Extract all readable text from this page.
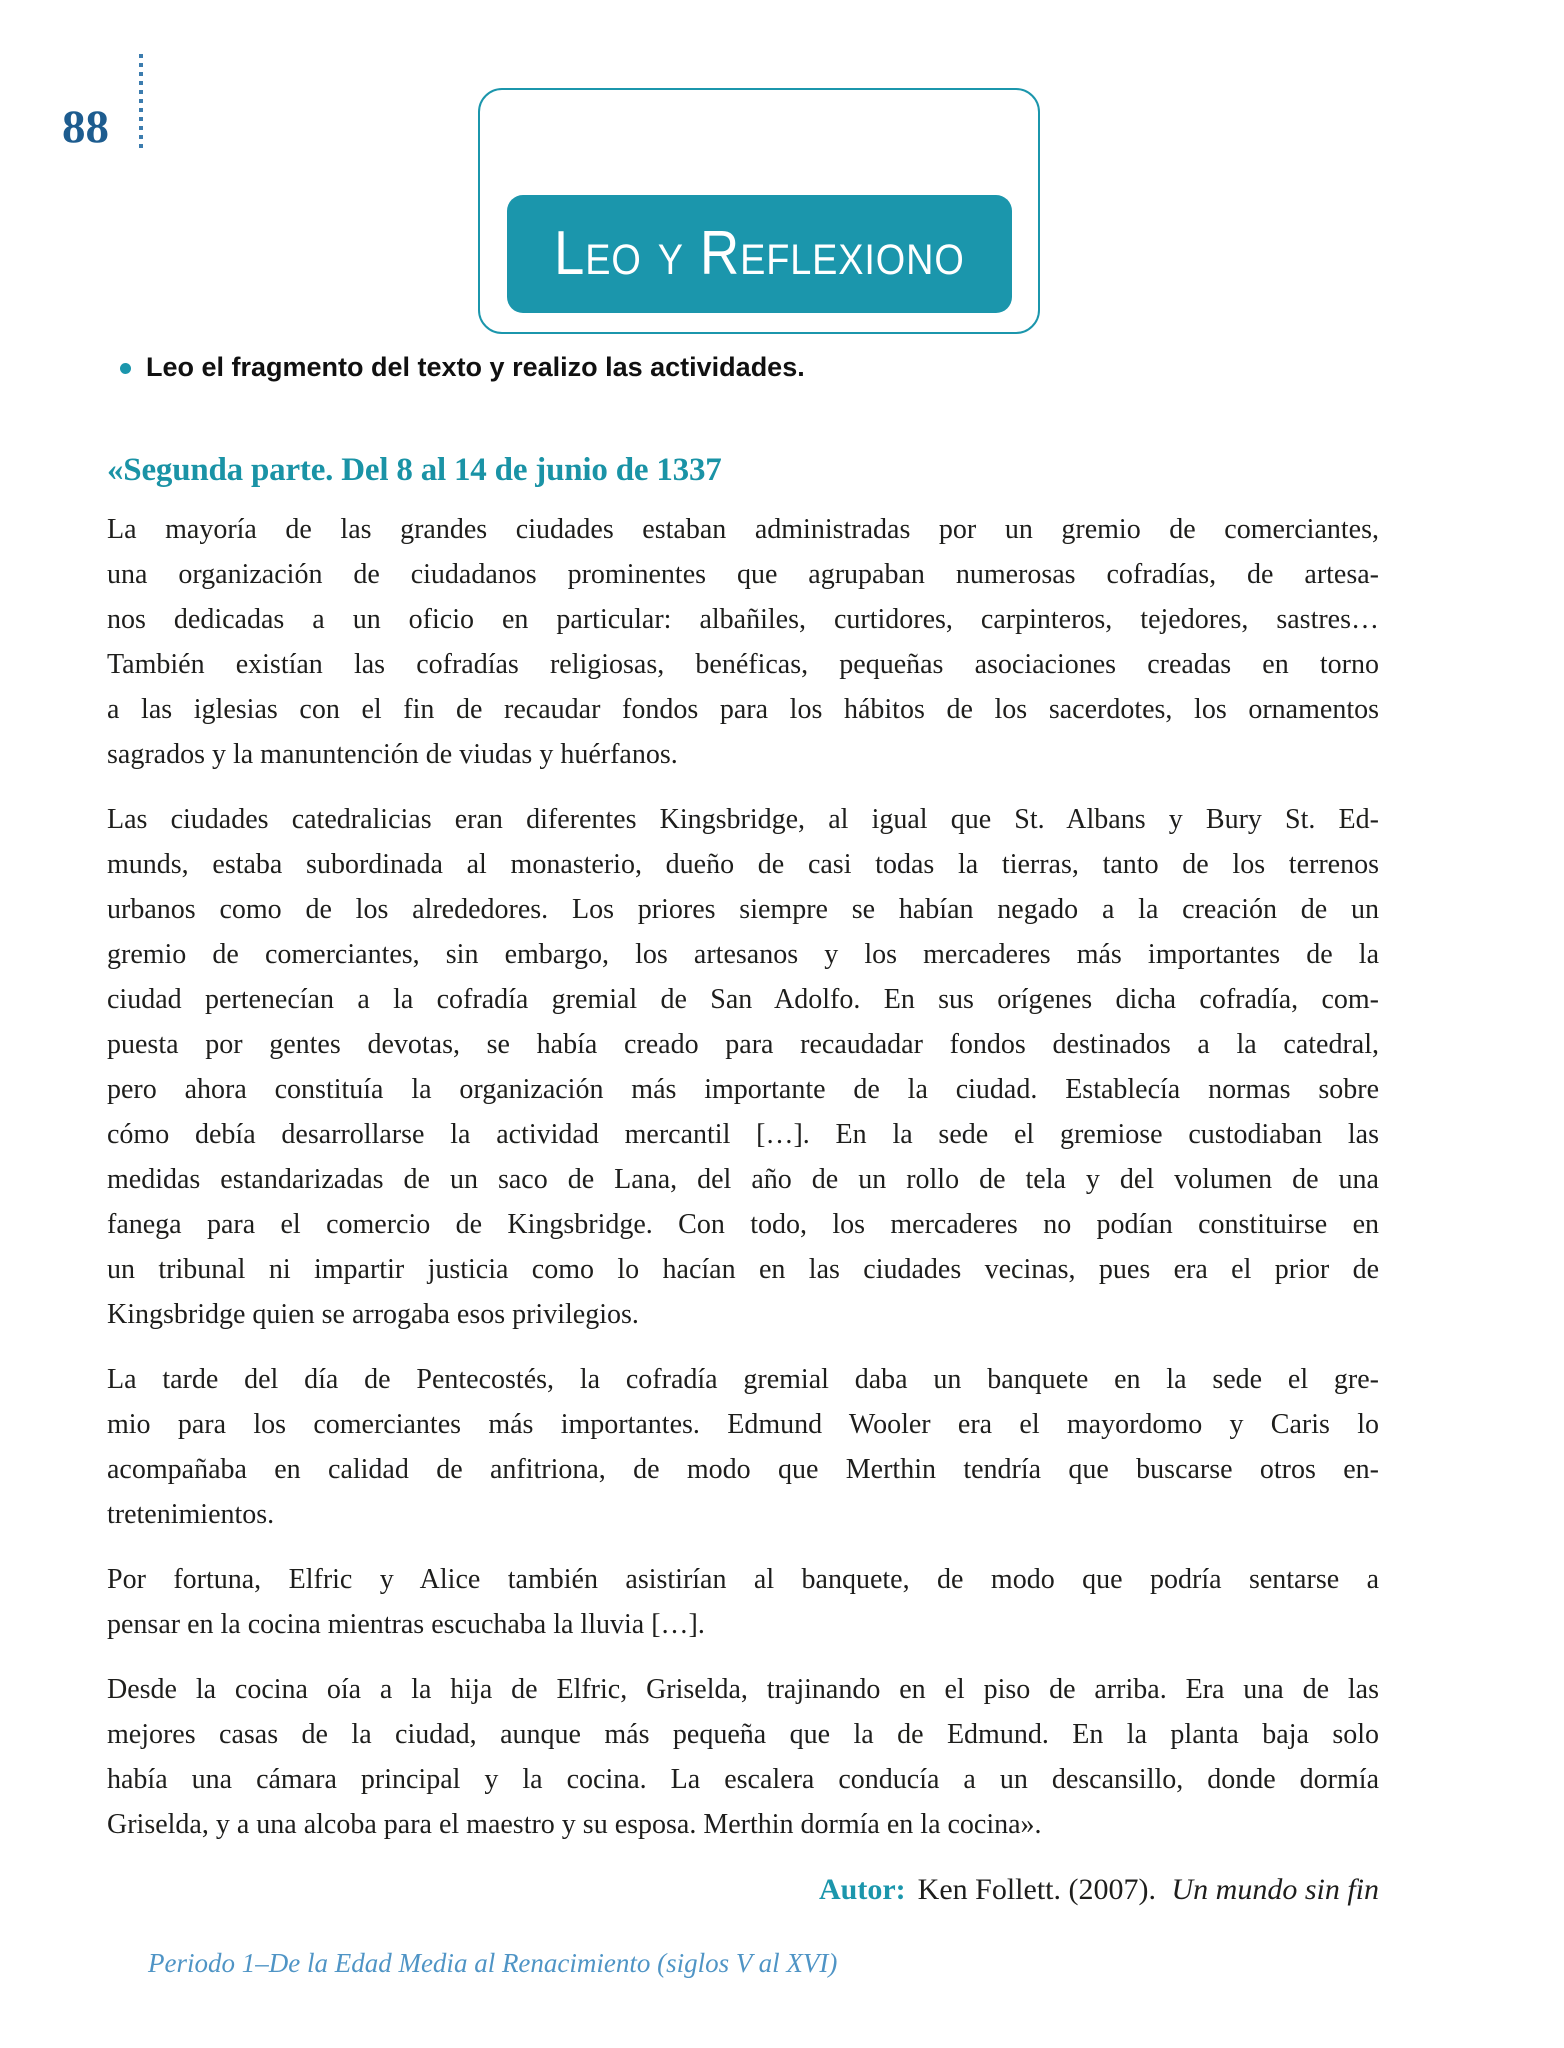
88
Leo y Reflexiono
Leo el fragmento del texto y realizo las actividades.
«Segunda parte. Del 8 al 14 de junio de 1337
La mayoría de las grandes ciudades estaban administradas por un gremio de comerciantes,
una organización de ciudadanos prominentes que agrupaban numerosas cofradías, de artesa-
nos dedicadas a un oficio en particular: albañiles, curtidores, carpinteros, tejedores, sastres…
También existían las cofradías religiosas, benéficas, pequeñas asociaciones creadas en torno
a las iglesias con el fin de recaudar fondos para los hábitos de los sacerdotes, los ornamentos
sagrados y la manuntención de viudas y huérfanos.
Las ciudades catedralicias eran diferentes Kingsbridge, al igual que St. Albans y Bury St. Ed-
munds, estaba subordinada al monasterio, dueño de casi todas la tierras, tanto de los terrenos
urbanos como de los alrededores. Los priores siempre se habían negado a la creación de un
gremio de comerciantes, sin embargo, los artesanos y los mercaderes más importantes de la
ciudad pertenecían a la cofradía gremial de San Adolfo. En sus orígenes dicha cofradía, com-
puesta por gentes devotas, se había creado para recaudadar fondos destinados a la catedral,
pero ahora constituía la organización más importante de la ciudad. Establecía normas sobre
cómo debía desarrollarse la actividad mercantil […]. En la sede el gremiose custodiaban las
medidas estandarizadas de un saco de Lana, del año de un rollo de tela y del volumen de una
fanega para el comercio de Kingsbridge. Con todo, los mercaderes no podían constituirse en
un tribunal ni impartir justicia como lo hacían en las ciudades vecinas, pues era el prior de
Kingsbridge quien se arrogaba esos privilegios.
La tarde del día de Pentecostés, la cofradía gremial daba un banquete en la sede el gre-
mio para los comerciantes más importantes. Edmund Wooler era el mayordomo y Caris lo
acompañaba en calidad de anfitriona, de modo que Merthin tendría que buscarse otros en-
tretenimientos.
Por fortuna, Elfric y Alice también asistirían al banquete, de modo que podría sentarse a
pensar en la cocina mientras escuchaba la lluvia […].
Desde la cocina oía a la hija de Elfric, Griselda, trajinando en el piso de arriba. Era una de las
mejores casas de la ciudad, aunque más pequeña que la de Edmund. En la planta baja solo
había una cámara principal y la cocina. La escalera conducía a un descansillo, donde dormía
Griselda, y a una alcoba para el maestro y su esposa. Merthin dormía en la cocina».
Autor: Ken Follett. (2007). Un mundo sin fin
Periodo 1–De la Edad Media al Renacimiento (siglos V al XVI)
